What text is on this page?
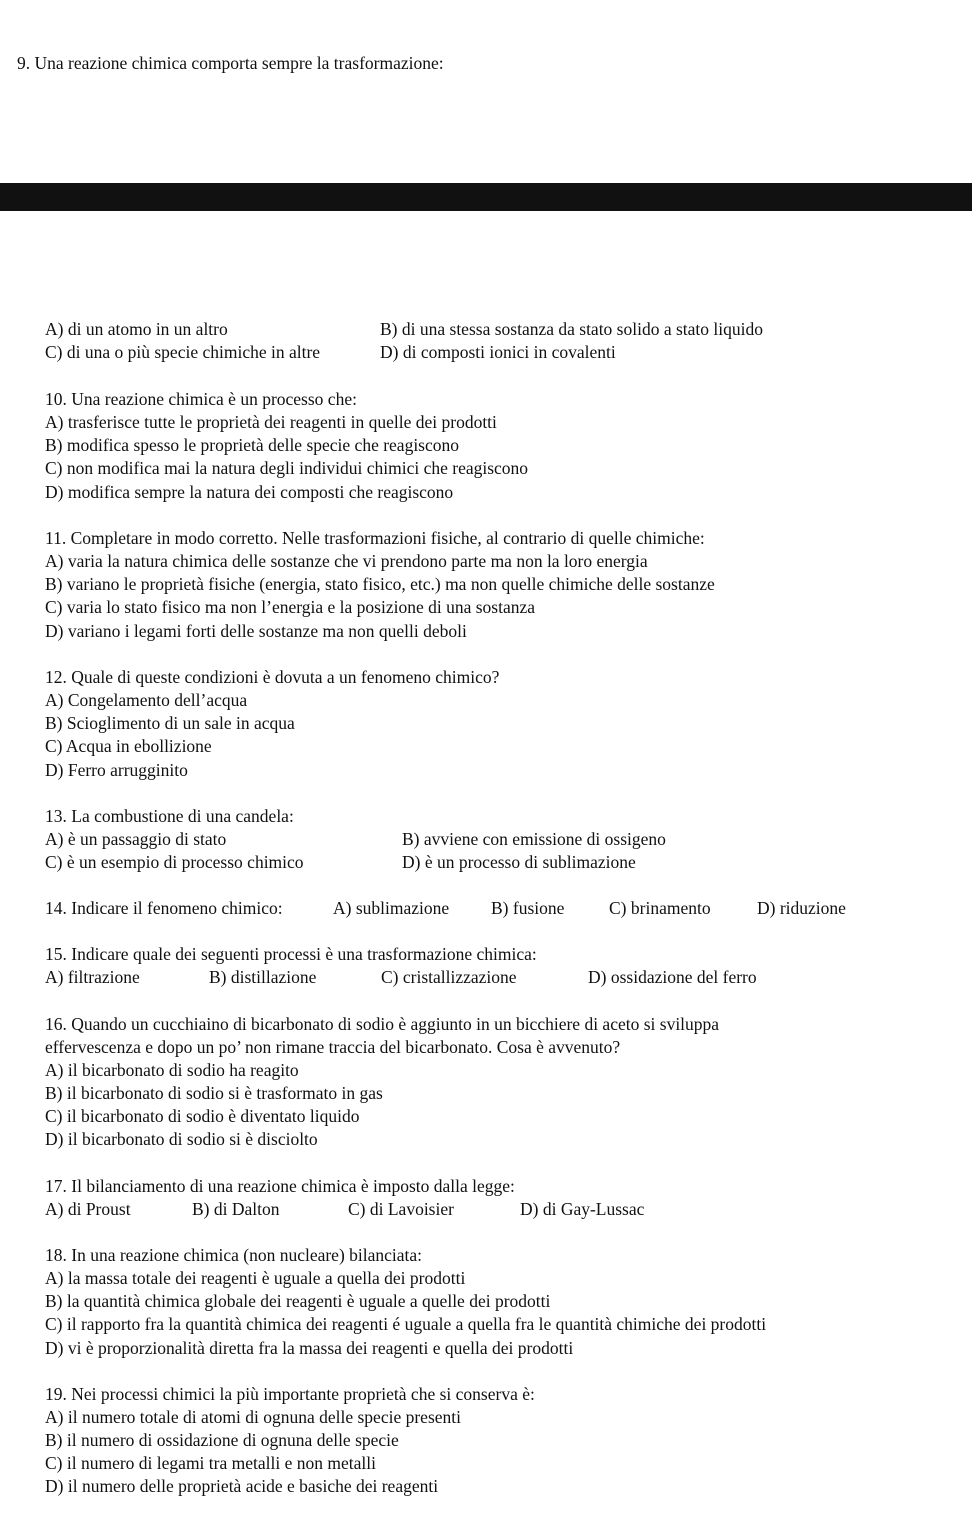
9. Una reazione chimica comporta sempre la trasformazione:
A) di un atomo in un altro	B) di una stessa sostanza da stato solido a stato liquido
C) di una o più specie chimiche in altre	D) di composti ionici in covalenti
10. Una reazione chimica è un processo che:
A) trasferisce tutte le proprietà dei reagenti in quelle dei prodotti
B) modifica spesso le proprietà delle specie che reagiscono
C) non modifica mai la natura degli individui chimici che reagiscono
D) modifica sempre la natura dei composti che reagiscono
11. Completare in modo corretto. Nelle trasformazioni fisiche, al contrario di quelle chimiche:
A) varia la natura chimica delle sostanze che vi prendono parte ma non la loro energia
B) variano le proprietà fisiche (energia, stato fisico, etc.) ma non quelle chimiche delle sostanze
C) varia lo stato fisico ma non l’energia e la posizione di una sostanza
D) variano i legami forti delle sostanze ma non quelli deboli
12. Quale di queste condizioni è dovuta a un fenomeno chimico?
A) Congelamento dell’acqua
B) Scioglimento di un sale in acqua
C) Acqua in ebollizione
D) Ferro arrugginito
13. La combustione di una candela:
A) è un passaggio di stato	B) avviene con emissione di ossigeno
C) è un esempio di processo chimico	D) è un processo di sublimazione
14. Indicare il fenomeno chimico:	A) sublimazione B) fusione	C) brinamento	D) riduzione
15. Indicare quale dei seguenti processi è una trasformazione chimica:
A) filtrazione	B) distillazione	C) cristallizzazione	D) ossidazione del ferro
16. Quando un cucchiaino di bicarbonato di sodio è aggiunto in un bicchiere di aceto si sviluppa
effervescenza e dopo un po’ non rimane traccia del bicarbonato. Cosa è avvenuto?
A) il bicarbonato di sodio ha reagito
B) il bicarbonato di sodio si è trasformato in gas
C) il bicarbonato di sodio è diventato liquido
D) il bicarbonato di sodio si è disciolto
17. Il bilanciamento di una reazione chimica è imposto dalla legge:
A) di Proust	B) di Dalton	C) di Lavoisier	D) di Gay-Lussac
18. In una reazione chimica (non nucleare) bilanciata:
A) la massa totale dei reagenti è uguale a quella dei prodotti
B) la quantità chimica globale dei reagenti è uguale a quelle dei prodotti
C) il rapporto fra la quantità chimica dei reagenti é uguale a quella fra le quantità chimiche dei prodotti
D) vi è proporzionalità diretta fra la massa dei reagenti e quella dei prodotti
19. Nei processi chimici la più importante proprietà che si conserva è:
A) il numero totale di atomi di ognuna delle specie presenti
B) il numero di ossidazione di ognuna delle specie
C) il numero di legami tra metalli e non metalli
D) il numero delle proprietà acide e basiche dei reagenti
